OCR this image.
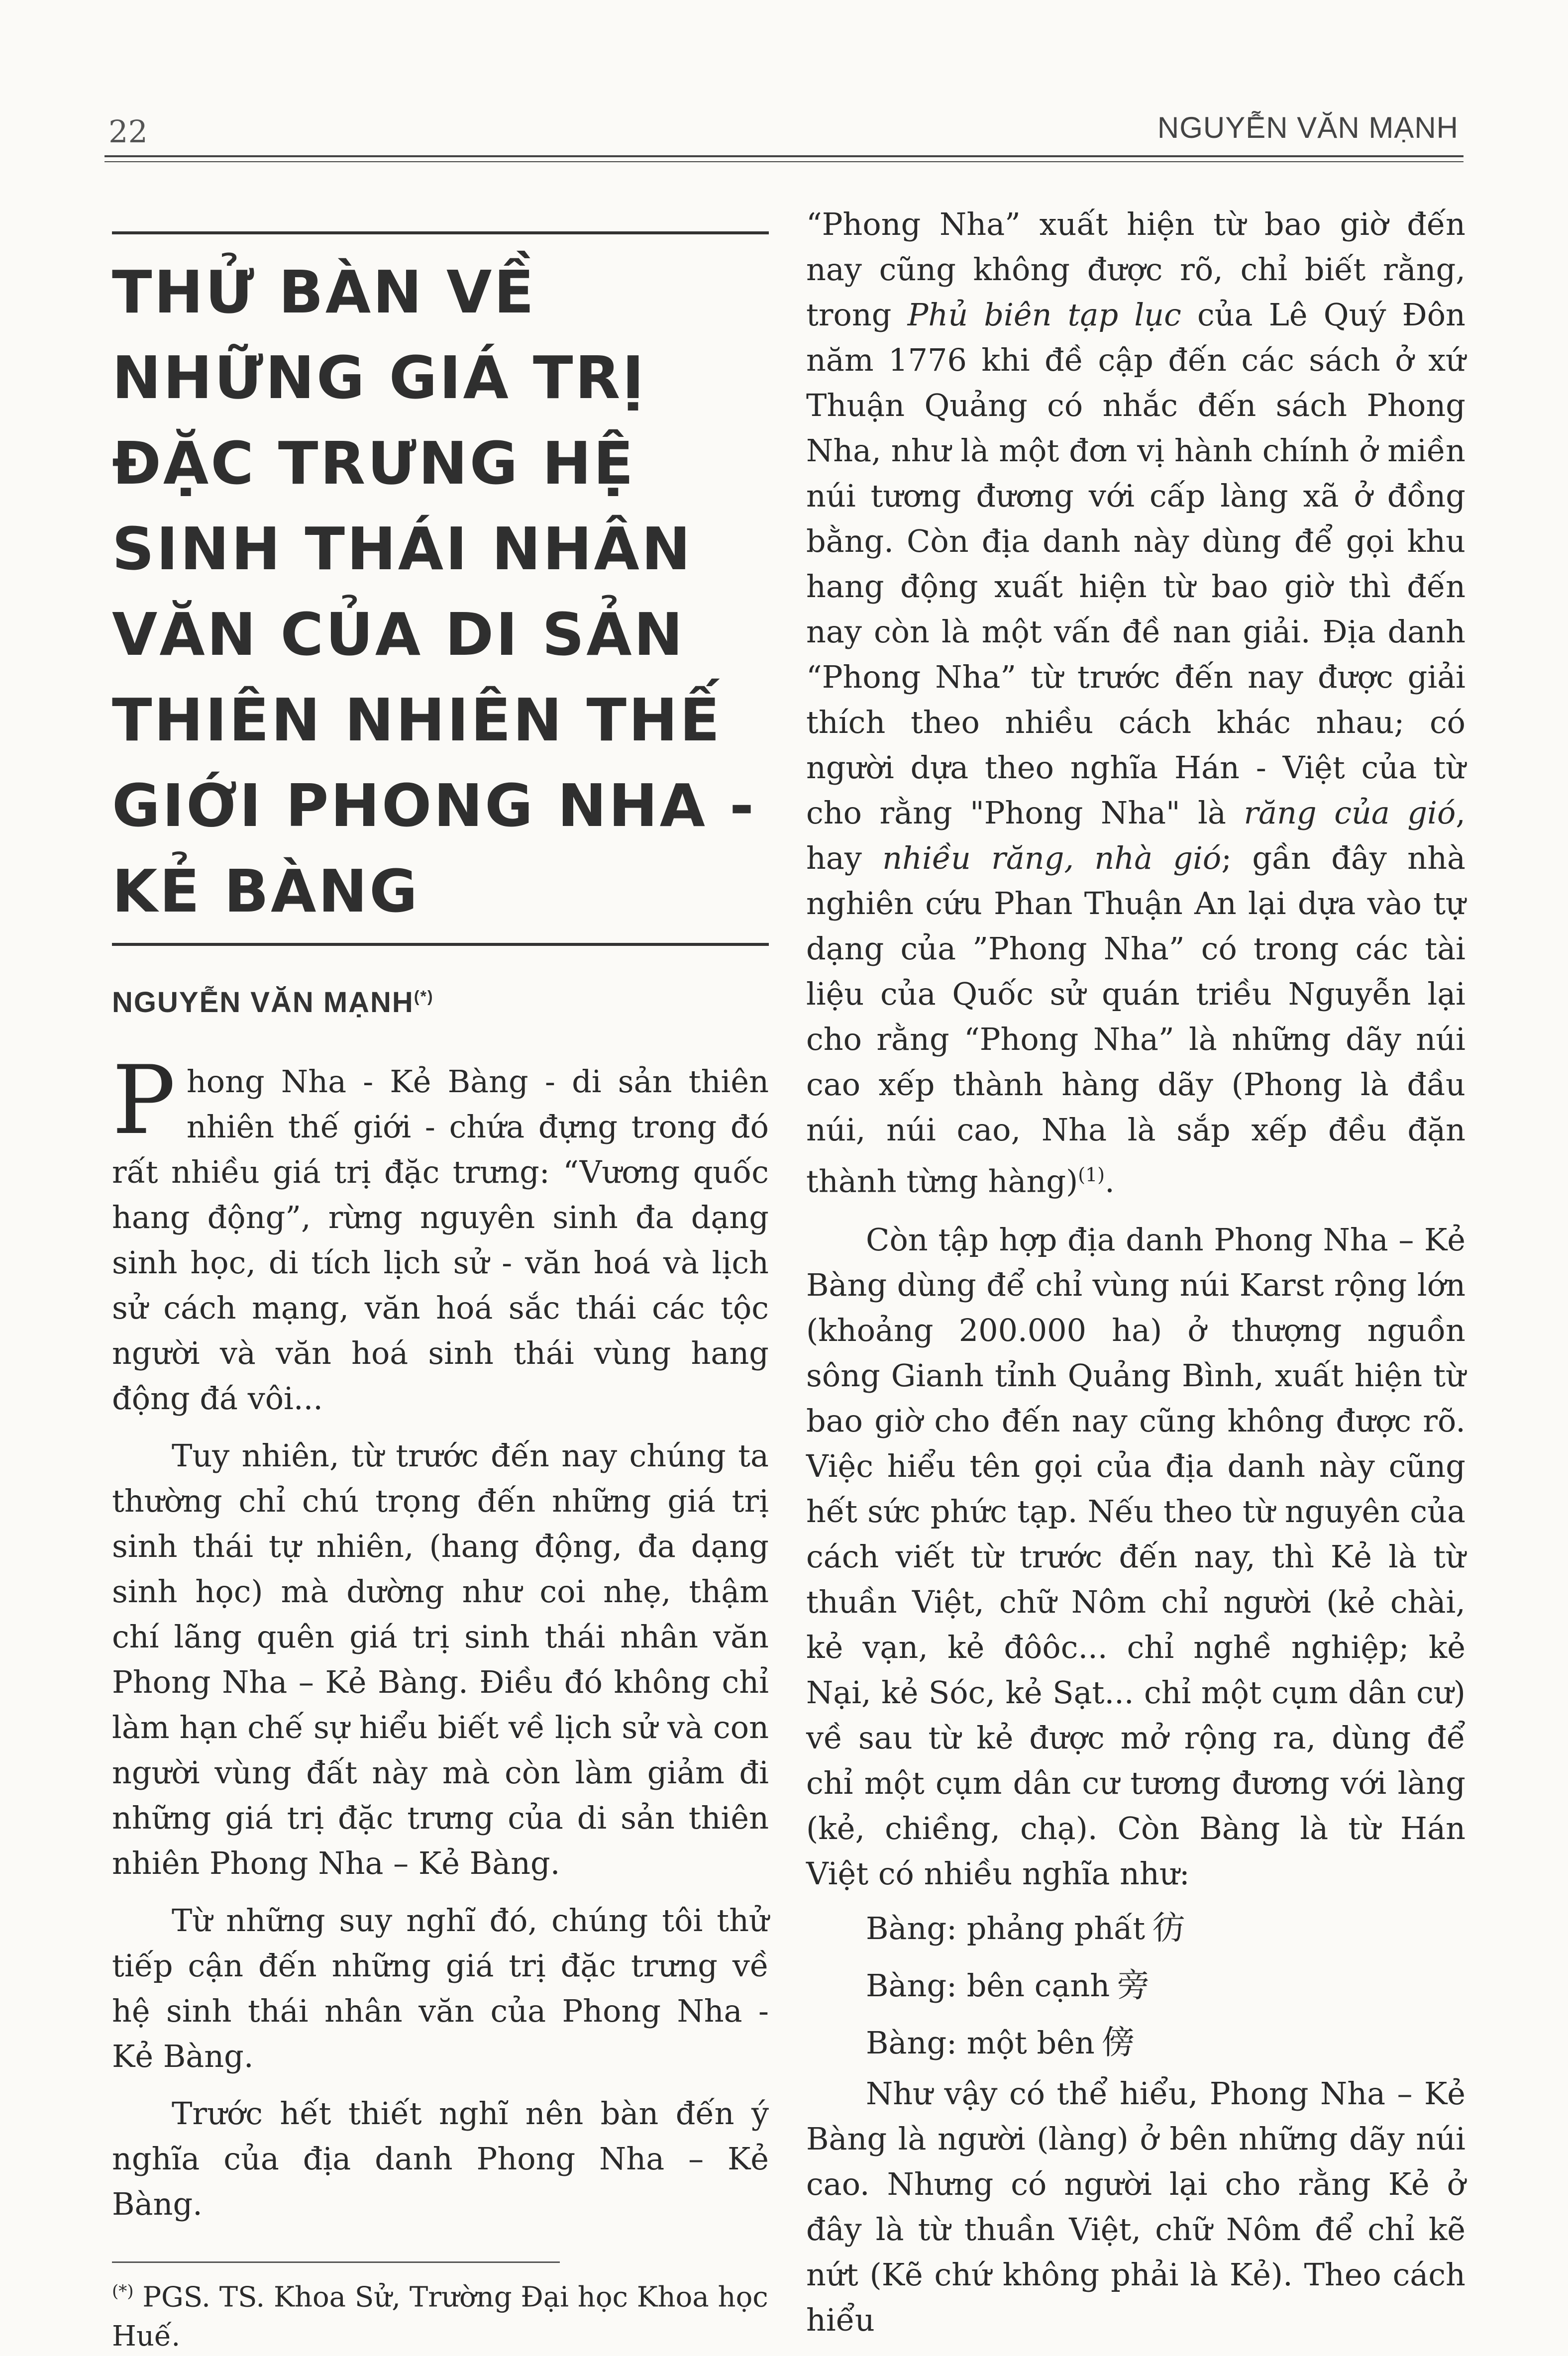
22	NGUYỄN VĂN MẠNH
THỬ BÀN VỀ NHỮNG GIÁ TRỊ ĐẶC TRƯNG HỆ SINH THÁI NHÂN VĂN CỦA DI SẢN THIÊN NHIÊN THẾ GIỚI PHONG NHA - KẺ BÀNG
NGUYỄN VĂN MẠNH(*)

Phong Nha - Kẻ Bàng - di sản thiên nhiên thế giới - chứa đựng trong đó rất nhiều giá trị đặc trưng: “Vương quốc hang động”, rừng nguyên sinh đa dạng sinh học, di tích lịch sử - văn hoá và lịch sử cách mạng, văn hoá sắc thái các tộc người và văn hoá sinh thái vùng hang động đá vôi...

Tuy nhiên, từ trước đến nay chúng ta thường chỉ chú trọng đến những giá trị sinh thái tự nhiên, (hang động, đa dạng sinh học) mà dường như coi nhẹ, thậm chí lãng quên giá trị sinh thái nhân văn Phong Nha – Kẻ Bàng. Điều đó không chỉ làm hạn chế sự hiểu biết về lịch sử và con người vùng đất này mà còn làm giảm đi những giá trị đặc trưng của di sản thiên nhiên Phong Nha – Kẻ Bàng.

Từ những suy nghĩ đó, chúng tôi thử tiếp cận đến những giá trị đặc trưng về hệ sinh thái nhân văn của Phong Nha - Kẻ Bàng.

Trước hết thiết nghĩ nên bàn đến ý nghĩa của địa danh Phong Nha – Kẻ Bàng.

(*) PGS. TS. Khoa Sử, Trường Đại học Khoa học Huế.

“Phong Nha” xuất hiện từ bao giờ đến nay cũng không được rõ, chỉ biết rằng, trong Phủ biên tạp lục của Lê Quý Đôn năm 1776 khi đề cập đến các sách ở xứ Thuận Quảng có nhắc đến sách Phong Nha, như là một đơn vị hành chính ở miền núi tương đương với cấp làng xã ở đồng bằng. Còn địa danh này dùng để gọi khu hang động xuất hiện từ bao giờ thì đến nay còn là một vấn đề nan giải. Địa danh “Phong Nha” từ trước đến nay được giải thích theo nhiều cách khác nhau; có người dựa theo nghĩa Hán - Việt của từ cho rằng "Phong Nha" là răng của gió, hay nhiều răng, nhà gió; gần đây nhà nghiên cứu Phan Thuận An lại dựa vào tự dạng của ”Phong Nha” có trong các tài liệu của Quốc sử quán triều Nguyễn lại cho rằng “Phong Nha” là những dãy núi cao xếp thành hàng dãy (Phong là đầu núi, núi cao, Nha là sắp xếp đều đặn thành từng hàng)$^{(1)}$.

Còn tập hợp địa danh Phong Nha – Kẻ Bàng dùng để chỉ vùng núi Karst rộng lớn (khoảng 200.000 ha) ở thượng nguồn sông Gianh tỉnh Quảng Bình, xuất hiện từ bao giờ cho đến nay cũng không được rõ. Việc hiểu tên gọi của địa danh này cũng hết sức phức tạp. Nếu theo từ nguyên của cách viết từ trước đến nay, thì Kẻ là từ thuần Việt, chữ Nôm chỉ người (kẻ chài, kẻ vạn, kẻ đôôc... chỉ nghề nghiệp; kẻ Nại, kẻ Sóc, kẻ Sạt... chỉ một cụm dân cư) về sau từ kẻ được mở rộng ra, dùng để chỉ một cụm dân cư tương đương với làng (kẻ, chiềng, chạ). Còn Bàng là từ Hán Việt có nhiều nghĩa như:

Bàng: phảng phất 彷
Bàng: bên cạnh 旁
Bàng: một bên 傍

Như vậy có thể hiểu, Phong Nha – Kẻ Bàng là người (làng) ở bên những dãy núi cao. Nhưng có người lại cho rằng Kẻ ở đây là từ thuần Việt, chữ Nôm để chỉ kẽ nứt (Kẽ chứ không phải là Kẻ). Theo cách hiểu
